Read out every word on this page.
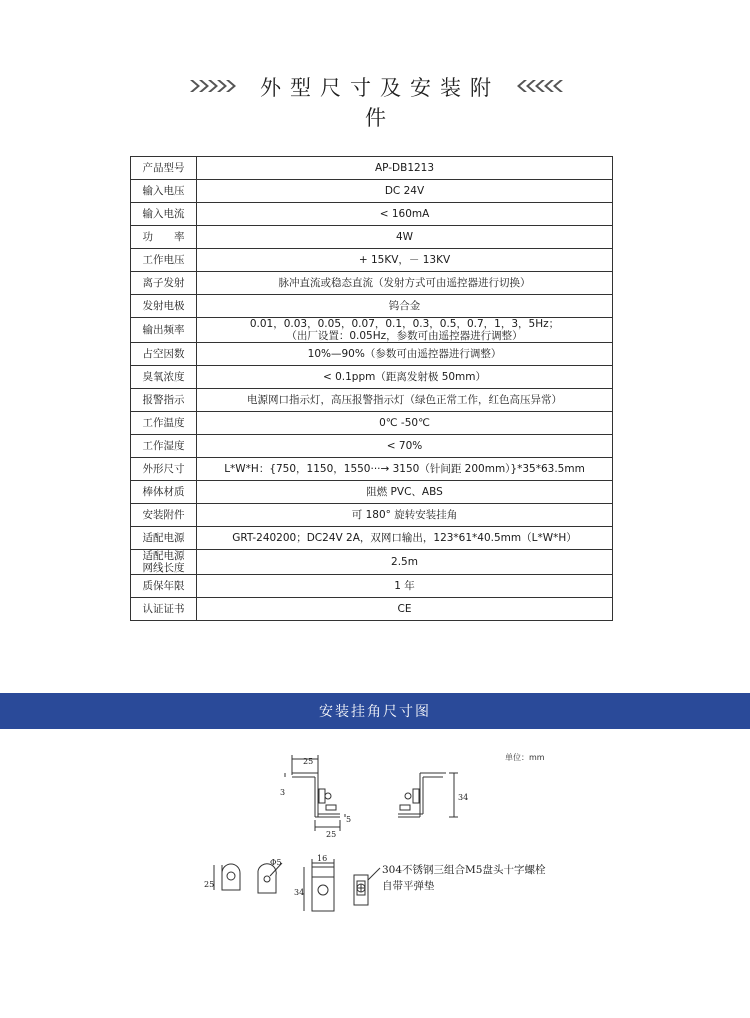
外型尺寸及安装附件
产品型号	AP-DB1213
输入电压	DC 24V
输入电流	< 160mA
功　　率	4W
工作电压	+ 15KV，－ 13KV
离子发射	脉冲直流或稳态直流（发射方式可由遥控器进行切换）
发射电极	钨合金
输出频率	0.01，0.03，0.05，0.07，0.1，0.3，0.5，0.7，1，3，5Hz；
（出厂设置：0.05Hz，参数可由遥控器进行调整）

占空因数	10%—90%（参数可由遥控器进行调整）
臭氧浓度	< 0.1ppm（距离发射极 50mm）
报警指示	电源网口指示灯，高压报警指示灯（绿色正常工作，红色高压异常）
工作温度	0℃ -50℃
工作湿度	< 70%
外形尺寸	L*W*H：{750，1150，1550···→ 3150（针间距 200mm）}*35*63.5mm
棒体材质	阻燃 PVC、ABS
安装附件	可 180° 旋转安装挂角
适配电源	GRT-240200；DC24V 2A，双网口输出，123*61*40.5mm（L*W*H）
适配电源
网线长度	2.5m
质保年限	1 年
认证证书	CE
安装挂角尺寸图
单位：mm
25
3
25
5
34
25
Φ5	16
34
304不锈钢三组合M5盘头十字螺栓
自带平弹垫
